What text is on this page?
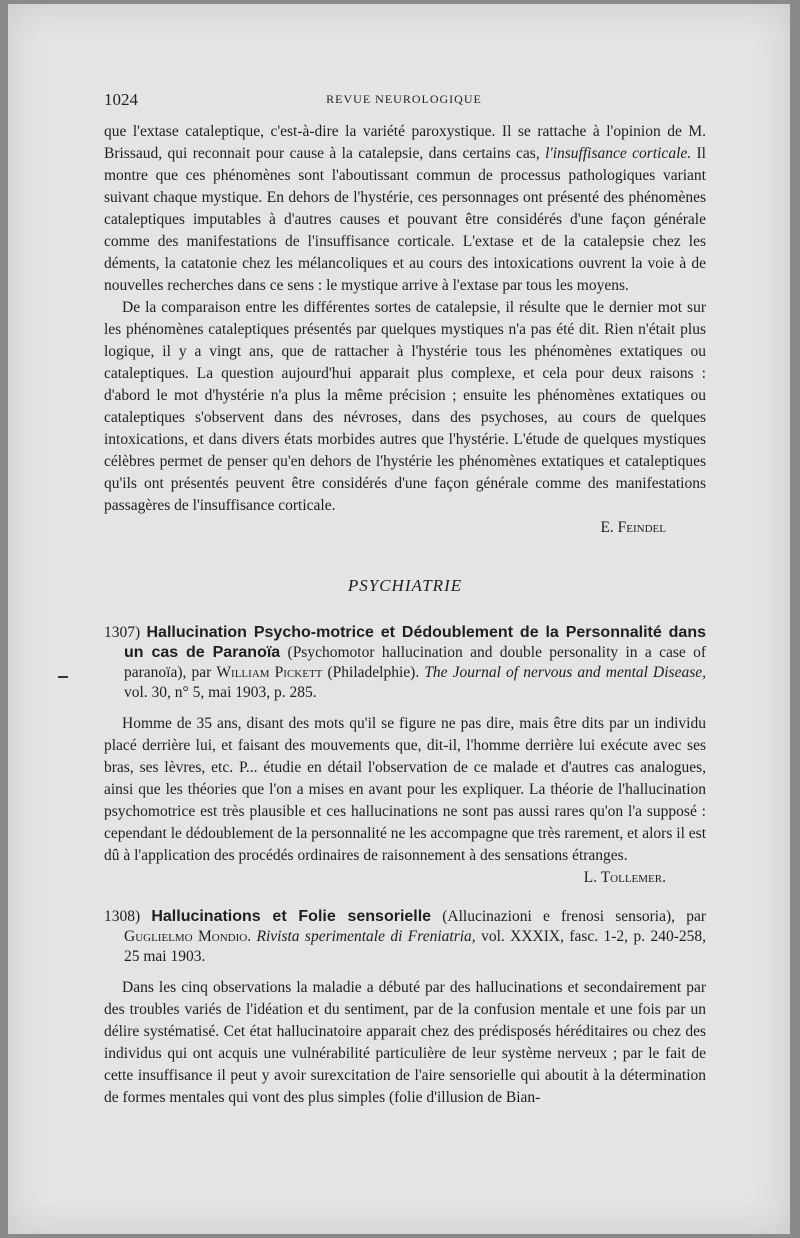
1024	REVUE NEUROLOGIQUE

que l'extase cataleptique, c'est-à-dire la variété paroxystique. Il se rattache à l'opinion de M. Brissaud, qui reconnait pour cause à la catalepsie, dans certains cas, l'insuffisance corticale. Il montre que ces phénomènes sont l'aboutissant commun de processus pathologiques variant suivant chaque mystique. En dehors de l'hystérie, ces personnages ont présenté des phénomènes cataleptiques imputables à d'autres causes et pouvant être considérés d'une façon générale comme des manifestations de l'insuffisance corticale. L'extase et de la catalepsie chez les déments, la catatonie chez les mélancoliques et au cours des intoxications ouvrent la voie à de nouvelles recherches dans ce sens : le mystique arrive à l'extase par tous les moyens.

De la comparaison entre les différentes sortes de catalepsie, il résulte que le dernier mot sur les phénomènes cataleptiques présentés par quelques mystiques n'a pas été dit. Rien n'était plus logique, il y a vingt ans, que de rattacher à l'hystérie tous les phénomènes extatiques ou cataleptiques. La question aujourd'hui apparait plus complexe, et cela pour deux raisons : d'abord le mot d'hystérie n'a plus la même précision ; ensuite les phénomènes extatiques ou cataleptiques s'observent dans des névroses, dans des psychoses, au cours de quelques intoxications, et dans divers états morbides autres que l'hystérie. L'étude de quelques mystiques célèbres permet de penser qu'en dehors de l'hystérie les phénomènes extatiques et cataleptiques qu'ils ont présentés peuvent être considérés d'une façon générale comme des manifestations passagères de l'insuffisance corticale.

E. Feindel

PSYCHIATRIE

1307) Hallucination Psycho-motrice et Dédoublement de la Personnalité dans un cas de Paranoïa (Psychomotor hallucination and double personality in a case of paranoïa), par William Pickett (Philadelphie). The Journal of nervous and mental Disease, vol. 30, n° 5, mai 1903, p. 285.

Homme de 35 ans, disant des mots qu'il se figure ne pas dire, mais être dits par un individu placé derrière lui, et faisant des mouvements que, dit-il, l'homme derrière lui exécute avec ses bras, ses lèvres, etc. P... étudie en détail l'observation de ce malade et d'autres cas analogues, ainsi que les théories que l'on a mises en avant pour les expliquer. La théorie de l'hallucination psychomotrice est très plausible et ces hallucinations ne sont pas aussi rares qu'on l'a supposé : cependant le dédoublement de la personnalité ne les accompagne que très rarement, et alors il est dû à l'application des procédés ordinaires de raisonnement à des sensations étranges.

L. Tollemer.

1308) Hallucinations et Folie sensorielle (Allucinazioni e frenosi sensoria), par Guglielmo Mondio. Rivista sperimentale di Freniatria, vol. XXXIX, fasc. 1-2, p. 240-258, 25 mai 1903.

Dans les cinq observations la maladie a débuté par des hallucinations et secondairement par des troubles variés de l'idéation et du sentiment, par de la confusion mentale et une fois par un délire systématisé. Cet état hallucinatoire apparait chez des prédisposés héréditaires ou chez des individus qui ont acquis une vulnérabilité particulière de leur système nerveux ; par le fait de cette insuffisance il peut y avoir surexcitation de l'aire sensorielle qui aboutit à la détermination de formes mentales qui vont des plus simples (folie d'illusion de Bian-
